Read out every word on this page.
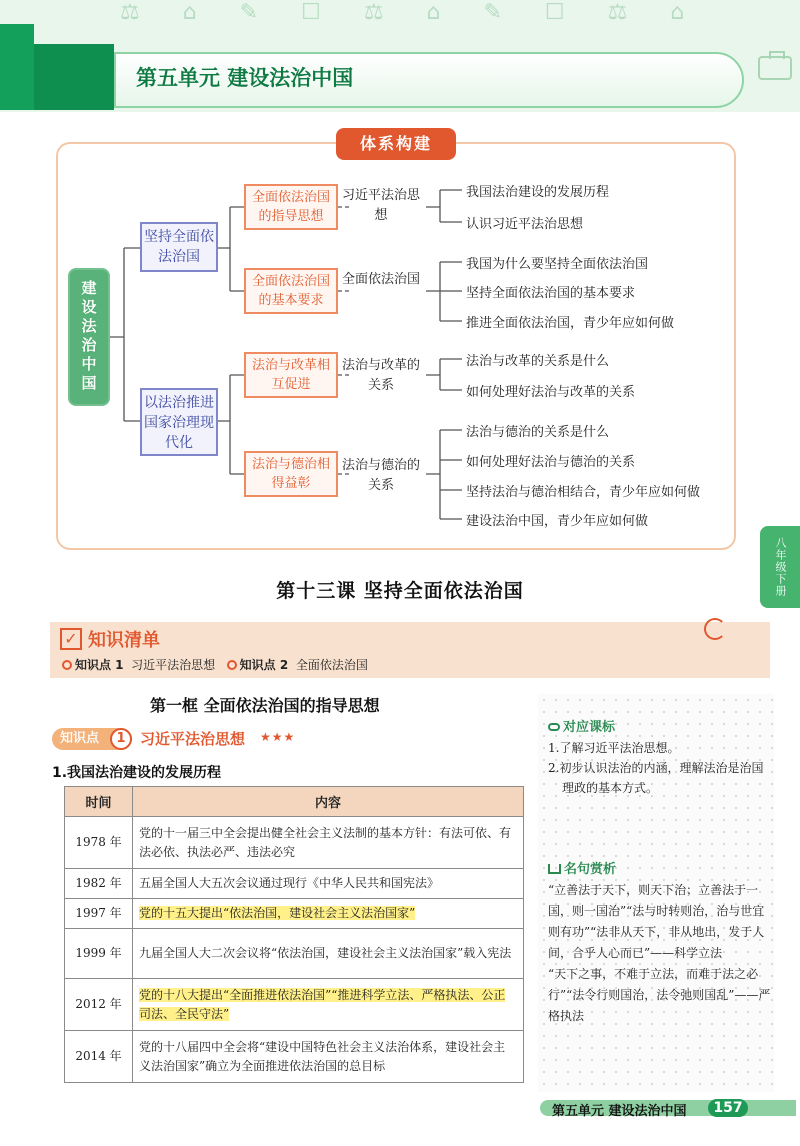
⚖ ⌂ ✎ ☐ ⚖ ⌂ ✎ ☐ ⚖ ⌂
第五单元 建设法治中国
体系构建
建设法治中国
坚持全面依法治国
以法治推进国家治理现代化
全面依法治国的指导思想
全面依法治国的基本要求
法治与改革相互促进
法治与德治相得益彰
习近平法治思想
全面依法治国
法治与改革的关系
法治与德治的关系
我国法治建设的发展历程
认识习近平法治思想
我国为什么要坚持全面依法治国
坚持全面依法治国的基本要求
推进全面依法治国，青少年应如何做
法治与改革的关系是什么
如何处理好法治与改革的关系
法治与德治的关系是什么
如何处理好法治与德治的关系
坚持法治与德治相结合，青少年应如何做
建设法治中国，青少年应如何做
八年级下册
第十三课 坚持全面依法治国
✓ 知识清单
知识点 1 习近平法治思想 知识点 2 全面依法治国
第一框 全面依法治国的指导思想
知识点	1 习近平法治思想 ★★★
1.我国法治建设的发展历程
时间	内容
1978 年	党的十一届三中全会提出健全社会主义法制的基本方针：有法可依、有法必依、执法必严、违法必究
1982 年	五届全国人大五次会议通过现行《中华人民共和国宪法》
1997 年	党的十五大提出“依法治国，建设社会主义法治国家”
1999 年	九届全国人大二次会议将“依法治国，建设社会主义法治国家”载入宪法
2012 年	党的十八大提出“全面推进依法治国”“推进科学立法、严格执法、公正司法、全民守法”
2014 年	党的十八届四中全会将“建设中国特色社会主义法治体系，建设社会主义法治国家”确立为全面推进依法治国的总目标
对应课标
1.了解习近平法治思想。
2.初步认识法治的内涵，理解法治是治国理政的基本方式。
名句赏析
“立善法于天下，则天下治；立善法于一国，则一国治”“法与时转则治，治与世宜则有功”“法非从天下，非从地出，发于人间，合乎人心而已”——科学立法
“天下之事，不难于立法，而难于法之必行”“法令行则国治，法令弛则国乱”——严格执法
第五单元 建设法治中国	157
